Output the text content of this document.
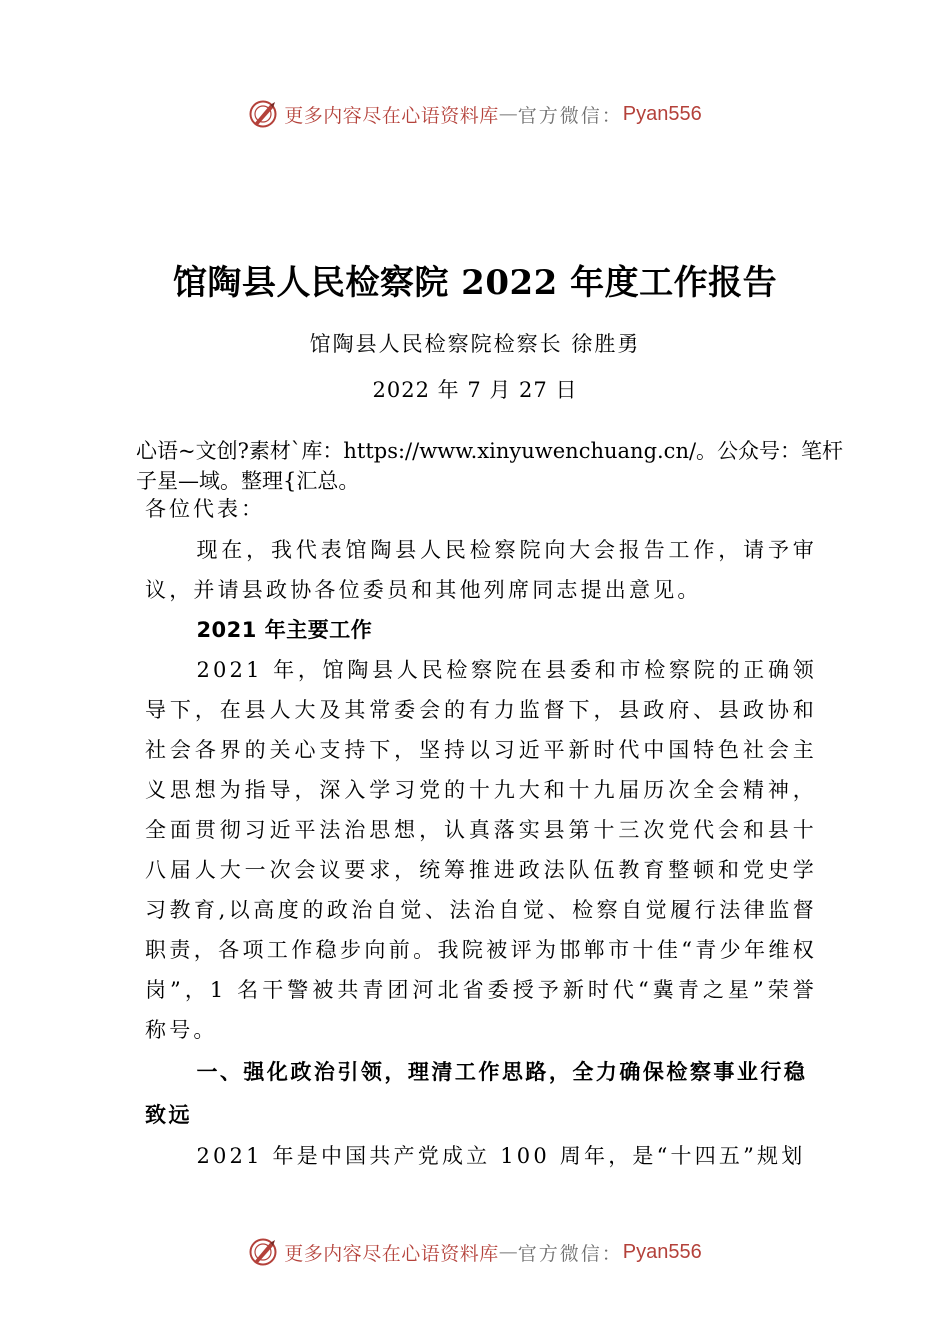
更多内容尽在心语资料库 — 官方微信： Pyan556
馆陶县人民检察院 2022 年度工作报告
馆陶县人民检察院检察长 徐胜勇
2022 年 7 月 27 日
心语~文创?素材`库：https://www.xinyuwenchuang.cn/。公众号：笔杆子星—域。整理{汇总。
各位代表：

现在，我代表馆陶县人民检察院向大会报告工作，请予审议，并请县政协各位委员和其他列席同志提出意见。

2021 年主要工作

2021 年，馆陶县人民检察院在县委和市检察院的正确领导下，在县人大及其常委会的有力监督下，县政府、县政协和社会各界的关心支持下，坚持以习近平新时代中国特色社会主义思想为指导，深入学习党的十九大和十九届历次全会精神，全面贯彻习近平法治思想，认真落实县第十三次党代会和县十八届人大一次会议要求，统筹推进政法队伍教育整顿和党史学习教育,以高度的政治自觉、法治自觉、检察自觉履行法律监督职责，各项工作稳步向前。我院被评为邯郸市十佳“青少年维权岗”，1 名干警被共青团河北省委授予新时代“冀青之星”荣誉称号。

一、强化政治引领，理清工作思路，全力确保检察事业行稳致远

2021 年是中国共产党成立 100 周年，是“十四五”规划

更多内容尽在心语资料库 — 官方微信： Pyan556
